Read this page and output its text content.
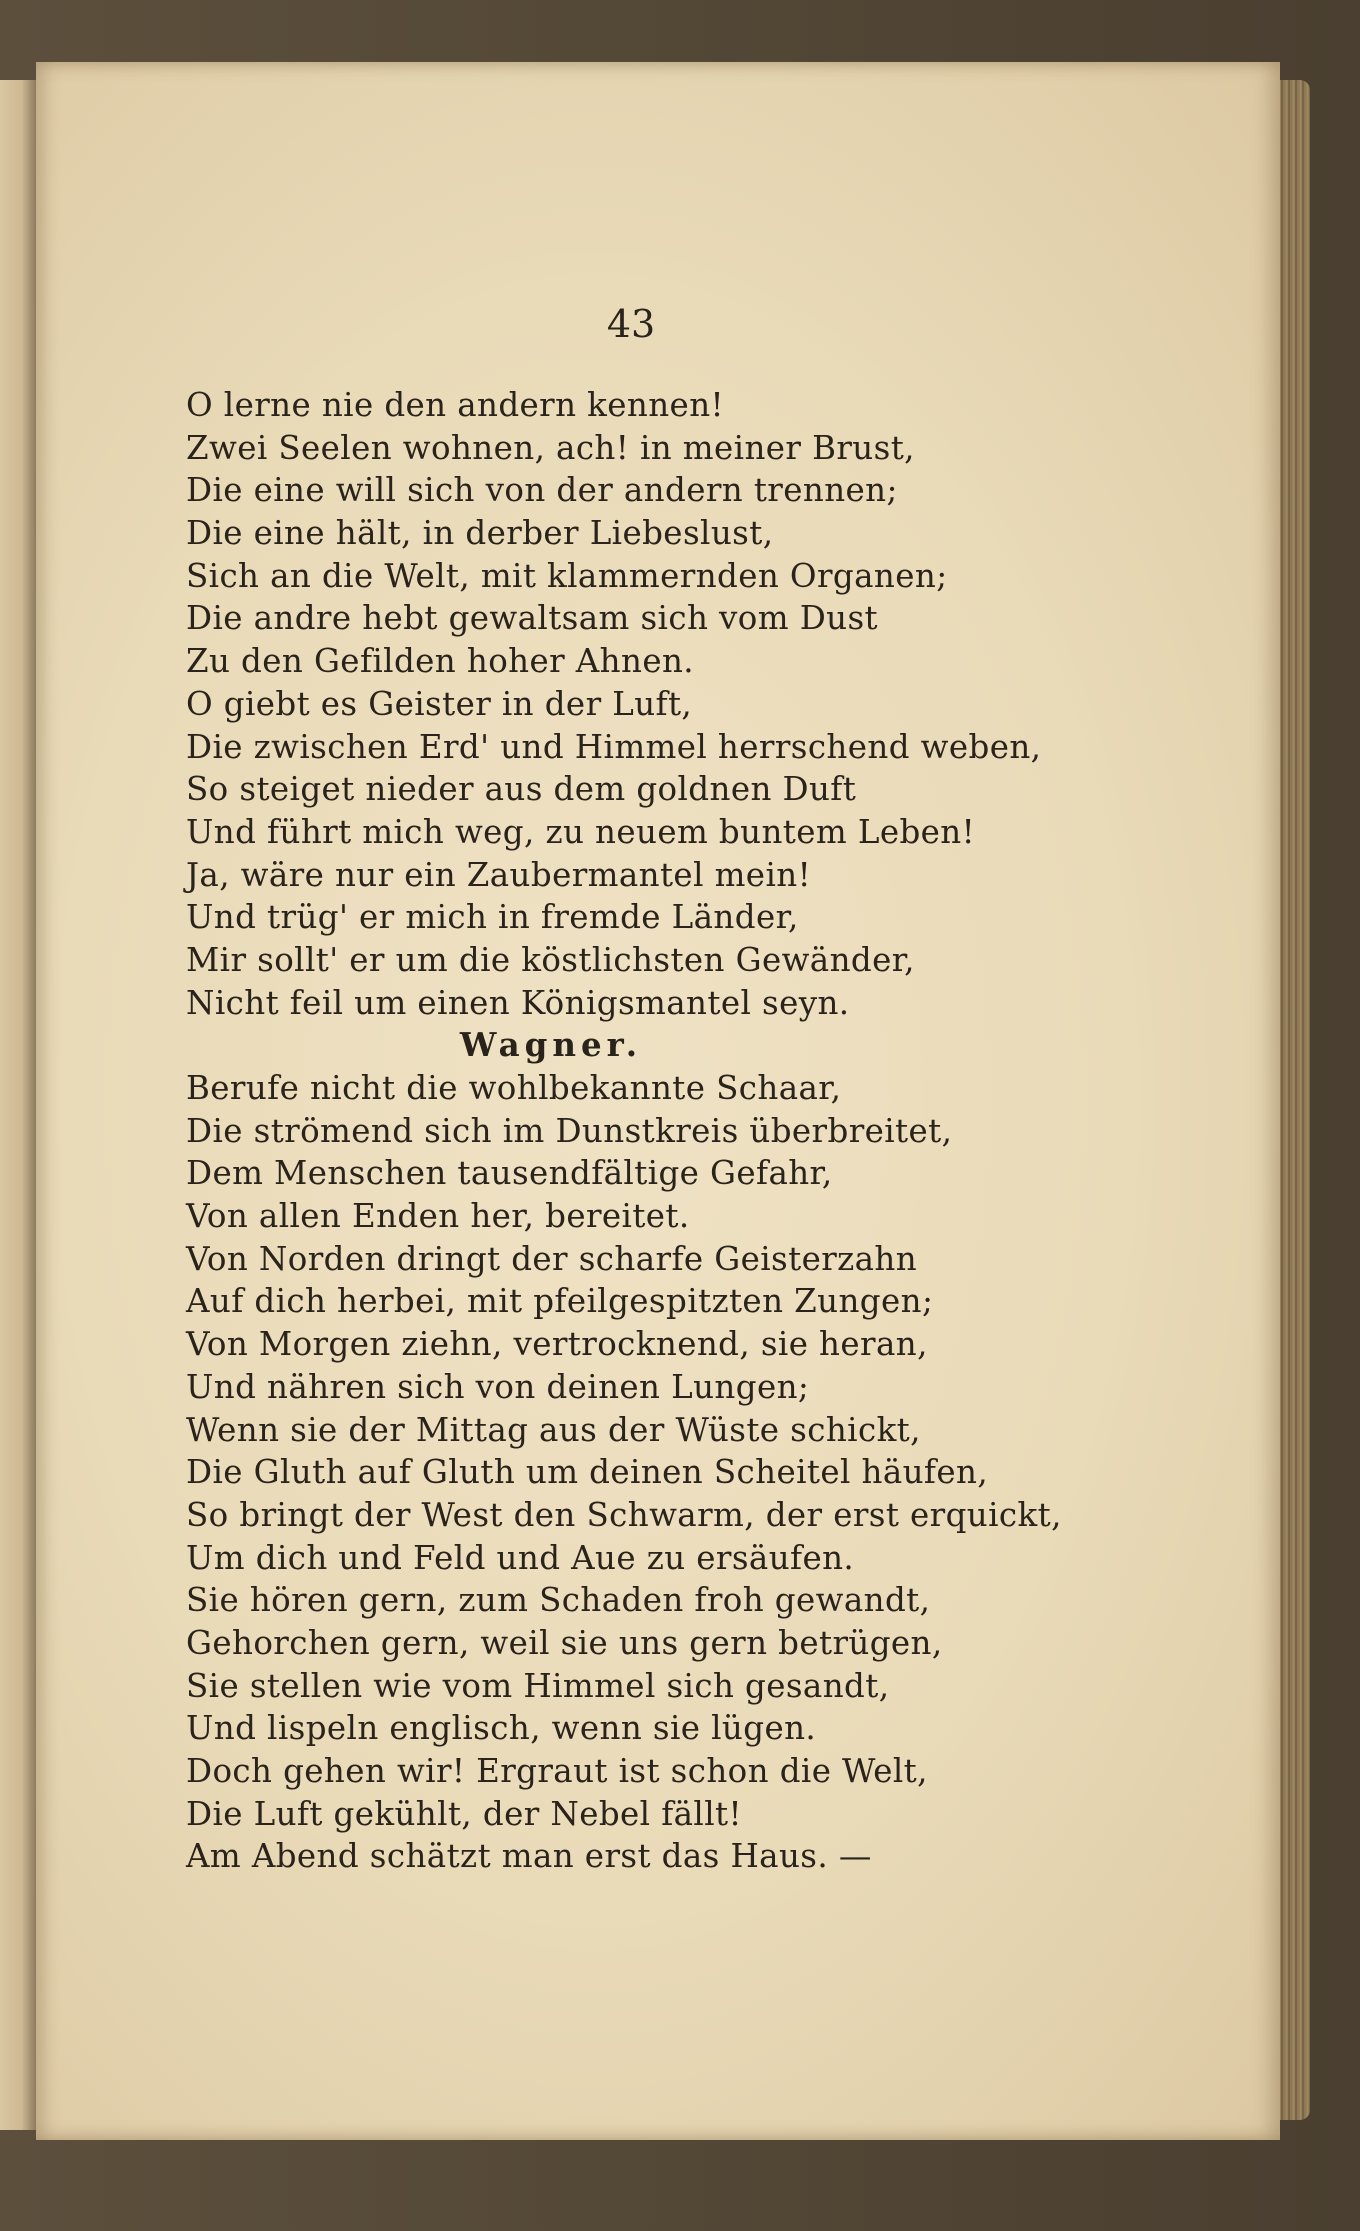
43
O lerne nie den andern kennen!
Zwei Seelen wohnen, ach! in meiner Brust,
Die eine will sich von der andern trennen;
Die eine hält, in derber Liebeslust,
Sich an die Welt, mit klammernden Organen;
Die andre hebt gewaltsam sich vom Dust
Zu den Gefilden hoher Ahnen.
O giebt es Geister in der Luft,
Die zwischen Erd' und Himmel herrschend weben,
So steiget nieder aus dem goldnen Duft
Und führt mich weg, zu neuem buntem Leben!
Ja, wäre nur ein Zaubermantel mein!
Und trüg' er mich in fremde Länder,
Mir sollt' er um die köstlichsten Gewänder,
Nicht feil um einen Königsmantel seyn.
Wagner.
Berufe nicht die wohlbekannte Schaar,
Die strömend sich im Dunstkreis überbreitet,
Dem Menschen tausendfältige Gefahr,
Von allen Enden her, bereitet.
Von Norden dringt der scharfe Geisterzahn
Auf dich herbei, mit pfeilgespitzten Zungen;
Von Morgen ziehn, vertrocknend, sie heran,
Und nähren sich von deinen Lungen;
Wenn sie der Mittag aus der Wüste schickt,
Die Gluth auf Gluth um deinen Scheitel häufen,
So bringt der West den Schwarm, der erst erquickt,
Um dich und Feld und Aue zu ersäufen.
Sie hören gern, zum Schaden froh gewandt,
Gehorchen gern, weil sie uns gern betrügen,
Sie stellen wie vom Himmel sich gesandt,
Und lispeln englisch, wenn sie lügen.
Doch gehen wir! Ergraut ist schon die Welt,
Die Luft gekühlt, der Nebel fällt!
Am Abend schätzt man erst das Haus. —
